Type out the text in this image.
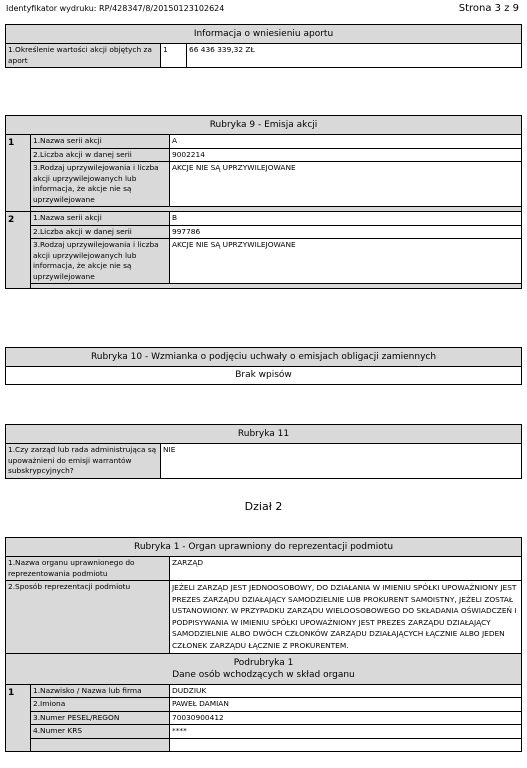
Identyfikator wydruku: RP/428347/8/20150123102624	Strona 3 z 9
Informacja o wniesieniu aportu
1.Określenie wartości akcji objętych za aport	1	66 436 339,32 ZŁ
Rubryka 9 - Emisja akcji		
1	1.Nazwa serii akcji	A
	2.Liczba akcji w danej serii	9002214
	3.Rodzaj uprzywilejowania i liczba akcji uprzywilejowanych lub informacja, że akcje nie są uprzywilejowane	AKCJE NIE SĄ UPRZYWILEJOWANE

2	1.Nazwa serii akcji	B
	2.Liczba akcji w danej serii	997786
	3.Rodzaj uprzywilejowania i liczba akcji uprzywilejowanych lub informacja, że akcje nie są uprzywilejowane	AKCJE NIE SĄ UPRZYWILEJOWANE

Rubryka 10 - Wzmianka o podjęciu uchwały o emisjach obligacji zamiennych
Brak wpisów
Rubryka 11
1.Czy zarząd lub rada administrująca są upoważnieni do emisji warrantów subskrypcyjnych?	NIE
Dział 2
Rubryka 1 - Organ uprawniony do reprezentacji podmiotu		
1.Nazwa organu uprawnionego do reprezentowania podmiotu		ZARZĄD
2.Sposób reprezentacji podmiotu		JEŻELI ZARZĄD JEST JEDNOOSOBOWY, DO DZIAŁANIA W IMIENIU SPÓŁKI UPOWAŻNIONY JEST PREZES ZARZĄDU DZIAŁAJĄCY SAMODZIELNIE LUB PROKURENT SAMOISTNY, JEŻELI ZOSTAŁ USTANOWIONY. W PRZYPADKU ZARZĄDU WIELOOSOBOWEGO DO SKŁADANIA OŚWIADCZEŃ I PODPISYWANIA W IMIENIU SPÓŁKI UPOWAŻNIONY JEST PREZES ZARZĄDU DZIAŁAJĄCY SAMODZIELNIE ALBO DWÓCH CZŁONKÓW ZARZĄDU DZIAŁAJĄCYCH ŁĄCZNIE ALBO JEDEN CZŁONEK ZARZĄDU ŁĄCZNIE Z PROKURENTEM.

Podrubryka 1
Dane osób wchodzących w skład organu		

1	1.Nazwisko / Nazwa lub firma	DUDZIUK
	2.Imiona	PAWEŁ DAMIAN
	3.Numer PESEL/REGON	70030900412
	4.Numer KRS	****
